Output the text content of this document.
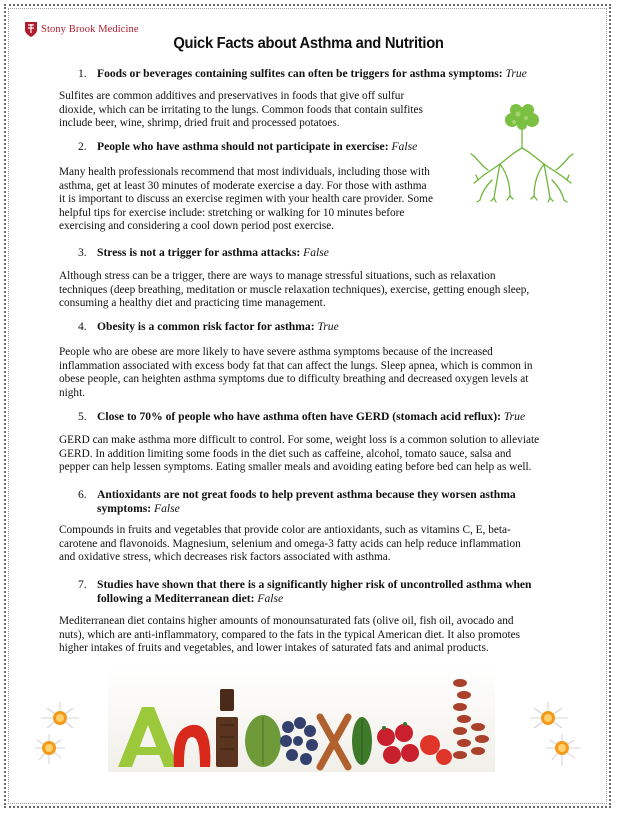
Stony Brook Medicine
Quick Facts about Asthma and Nutrition
1. Foods or beverages containing sulfites can often be triggers for asthma symptoms: True
Sulfites are common additives and preservatives in foods that give off sulfur
dioxide, which can be irritating to the lungs. Common foods that contain sulfites
include beer, wine, shrimp, dried fruit and processed potatoes.
2. People who have asthma should not participate in exercise: False
Many health professionals recommend that most individuals, including those with
asthma, get at least 30 minutes of moderate exercise a day. For those with asthma
it is important to discuss an exercise regimen with your health care provider. Some
helpful tips for exercise include: stretching or walking for 10 minutes before
exercising and considering a cool down period post exercise.
3. Stress is not a trigger for asthma attacks: False
Although stress can be a trigger, there are ways to manage stressful situations, such as relaxation
techniques (deep breathing, meditation or muscle relaxation techniques), exercise, getting enough sleep,
consuming a healthy diet and practicing time management.
4. Obesity is a common risk factor for asthma: True
People who are obese are more likely to have severe asthma symptoms because of the increased
inflammation associated with excess body fat that can affect the lungs. Sleep apnea, which is common in
obese people, can heighten asthma symptoms due to difficulty breathing and decreased oxygen levels at
night.
5. Close to 70% of people who have asthma often have GERD (stomach acid reflux): True
GERD can make asthma more difficult to control. For some, weight loss is a common solution to alleviate
GERD. In addition limiting some foods in the diet such as caffeine, alcohol, tomato sauce, salsa and
pepper can help lessen symptoms. Eating smaller meals and avoiding eating before bed can help as well.
6. Antioxidants are not great foods to help prevent asthma because they worsen asthma
symptoms: False
Compounds in fruits and vegetables that provide color are antioxidants, such as vitamins C, E, beta-
carotene and flavonoids. Magnesium, selenium and omega-3 fatty acids can help reduce inflammation
and oxidative stress, which decreases risk factors associated with asthma.
7. Studies have shown that there is a significantly higher risk of uncontrolled asthma when
following a Mediterranean diet: False
Mediterranean diet contains higher amounts of monounsaturated fats (olive oil, fish oil, avocado and
nuts), which are anti-inflammatory, compared to the fats in the typical American diet. It also promotes
higher intakes of fruits and vegetables, and lower intakes of saturated fats and animal products.
